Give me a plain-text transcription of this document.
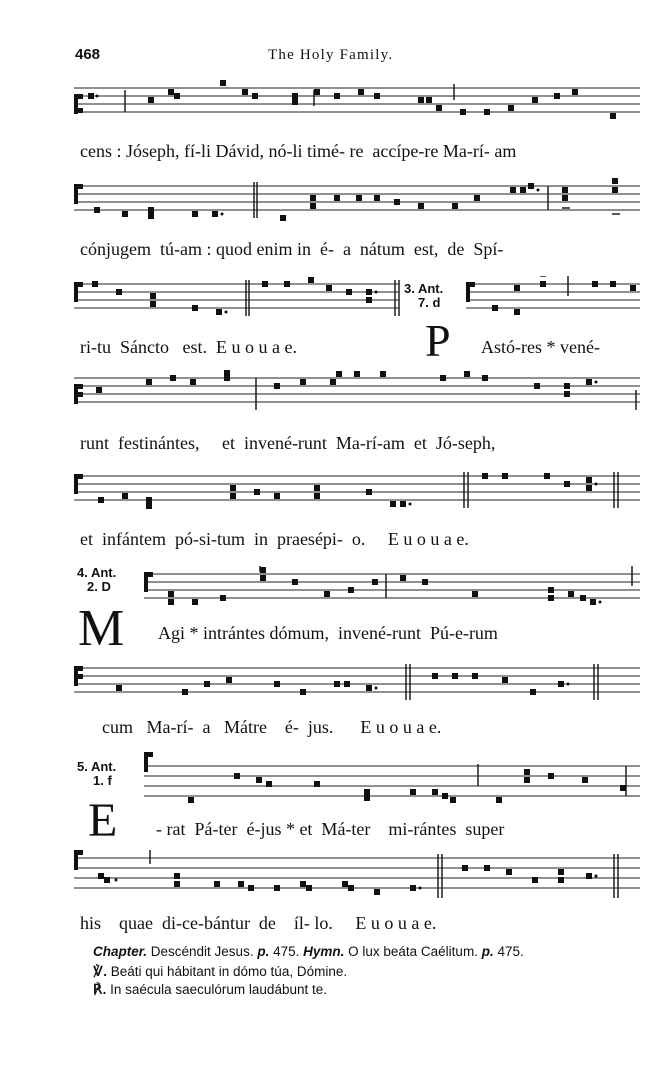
468	The Holy Family.
cens : Jóseph, fí-li Dávid, nó-li timé- re  accípe-re Ma-rí- am
cónjugem  tú-am : quod enim in  é-  a  nátum  est,  de  Spí-
3. Ant.
7. d
ri-tu  Sáncto   est.  E u o u a e.	P Astó-res * vené-
runt  festinántes,     et  invené-runt  Ma-rí-am  et  Jó-seph,
et  infántem  pó-si-tum  in  praesépi-  o.     E u o u a e.
4. Ant.
2. D
M Agi * intrántes dómum,  invené-runt  Pú-e-rum
cum   Ma-rí-  a   Mátre    é-  jus.      E u o u a e.
5. Ant.
1. f
E - rat  Pá-ter  é-jus * et  Má-ter    mi-rántes  super
his    quae  di-ce-bántur  de    íl- lo.     E u o u a e.
Chapter. Descéndit Jesus. p. 475. Hymn. O lux beáta Caélitum. p. 475.
℣. Beáti qui hábitant in dómo túa, Dómine.
℟. In saécula saeculórum laudábunt te.
